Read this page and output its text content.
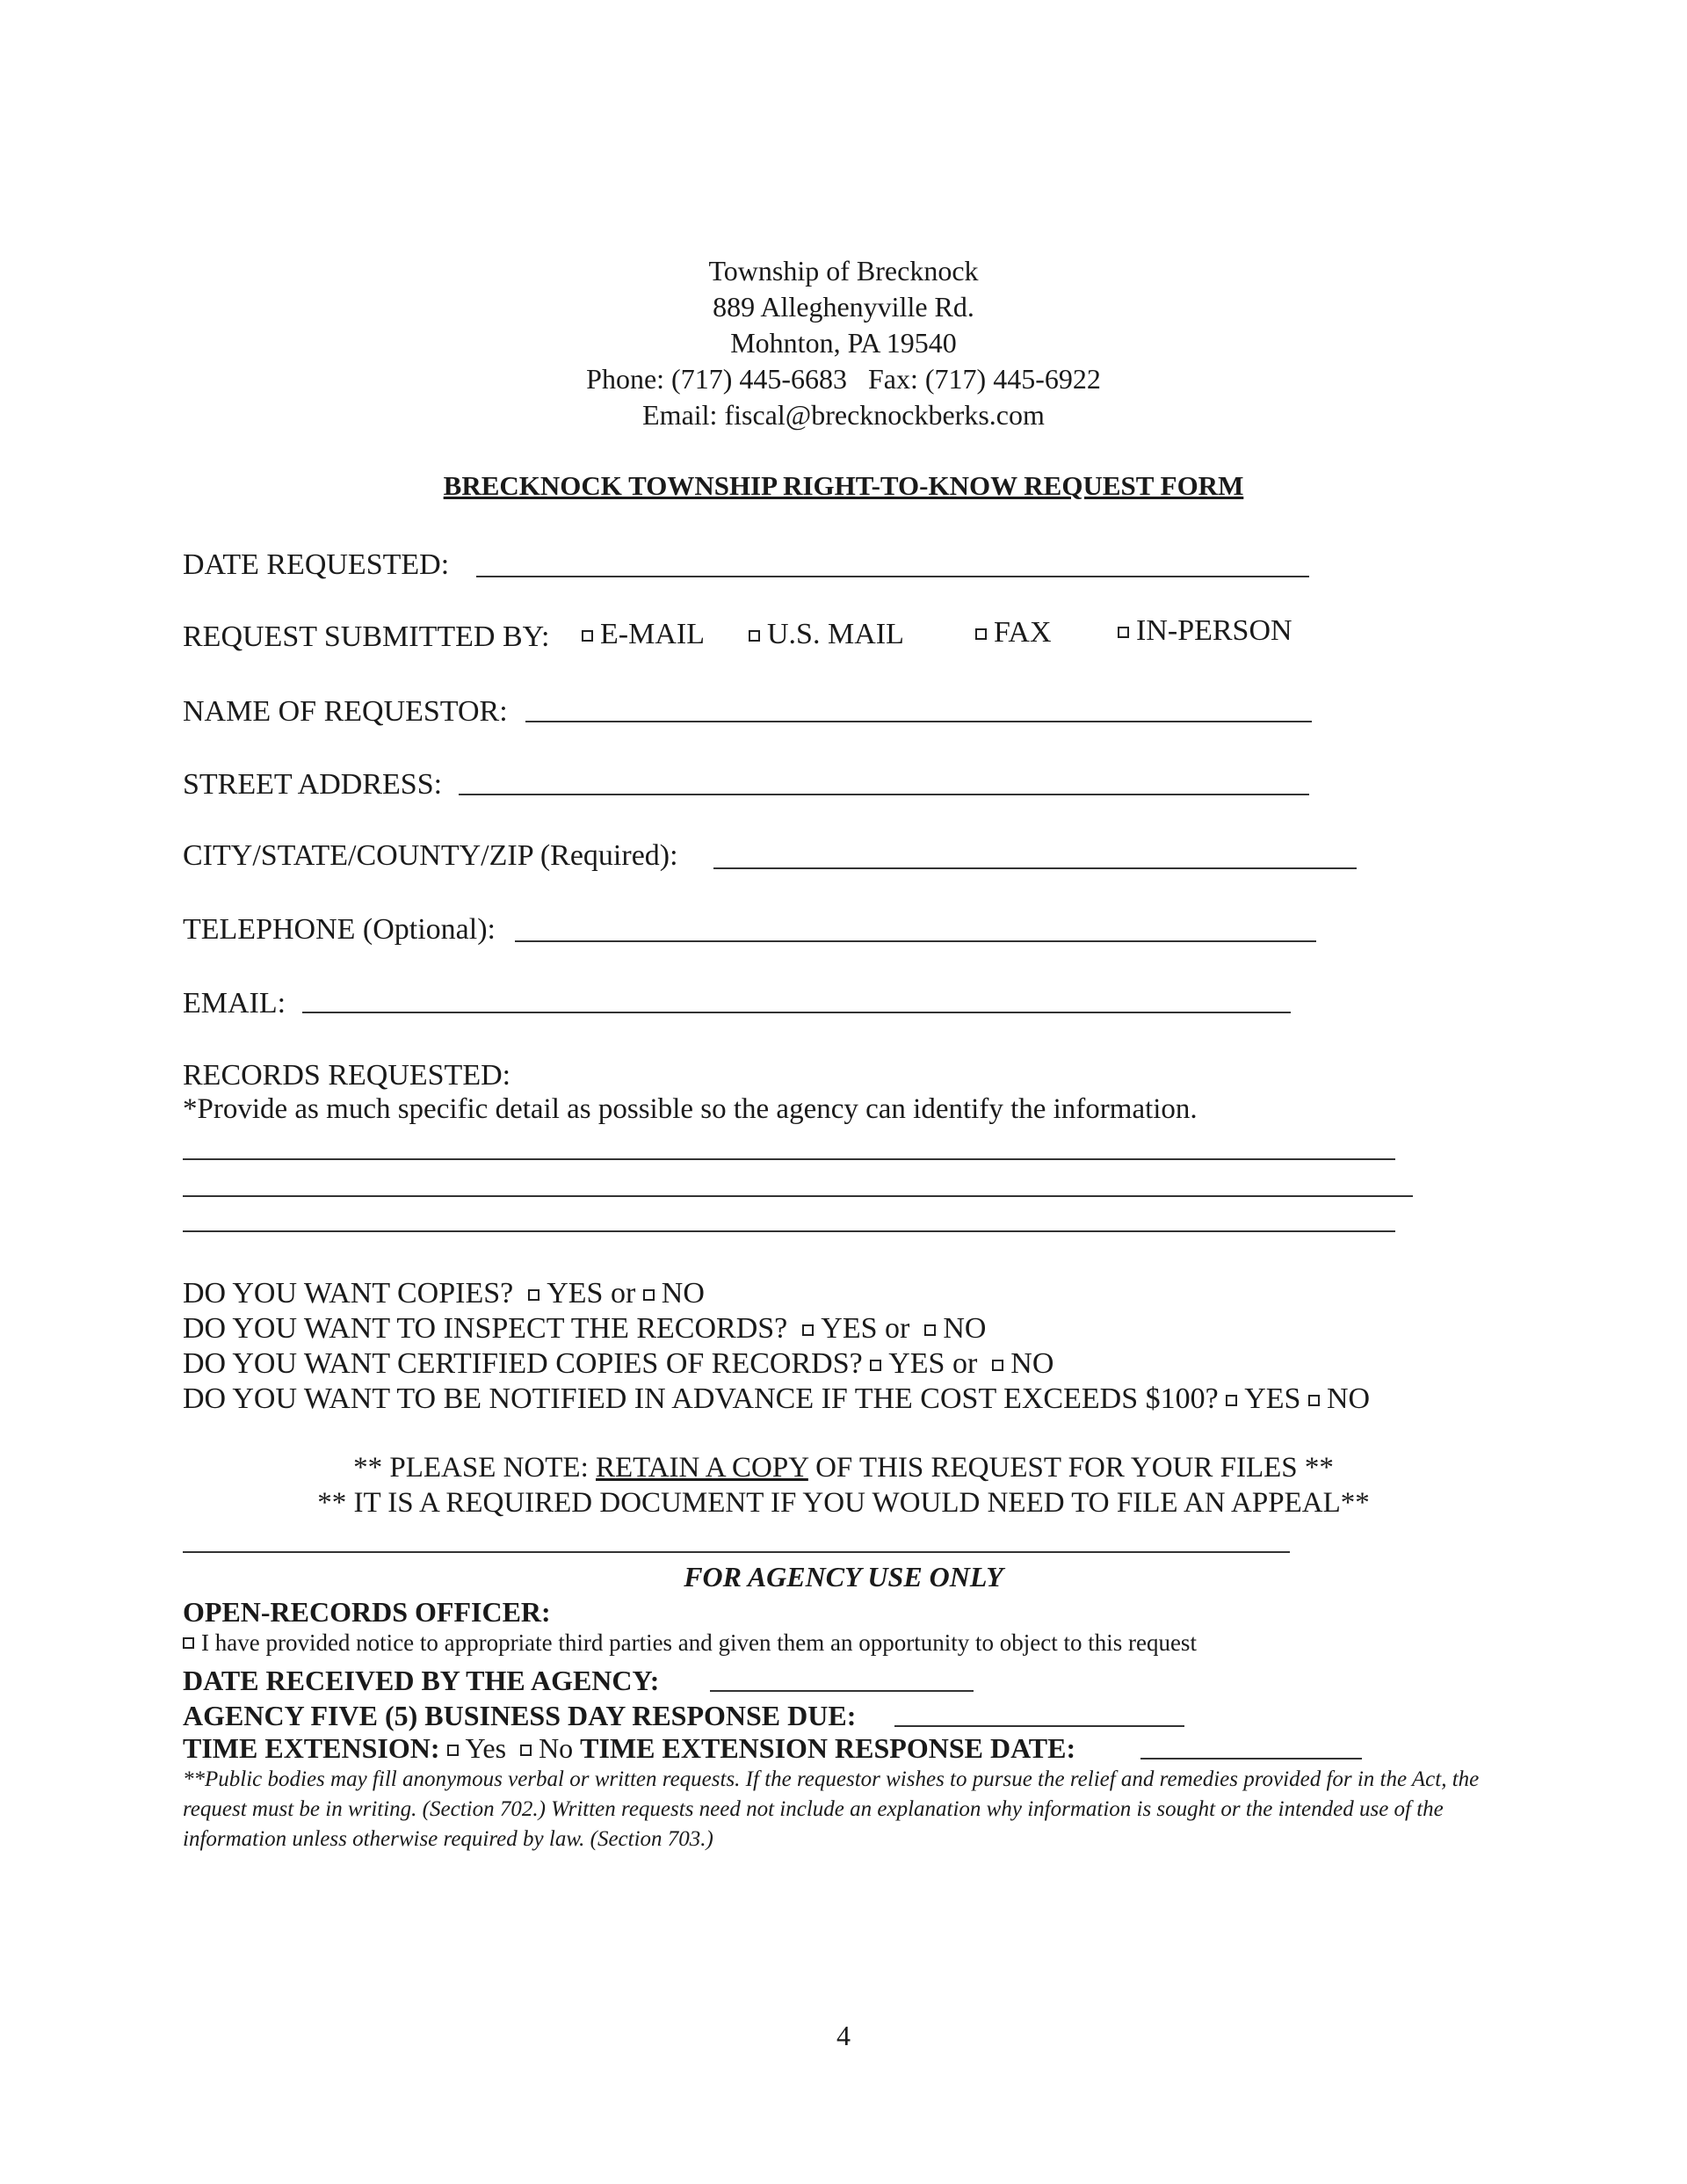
Township of Brecknock
889 Alleghenyville Rd.
Mohnton, PA 19540
Phone: (717) 445-6683   Fax: (717) 445-6922
Email: fiscal@brecknockberks.com
BRECKNOCK TOWNSHIP RIGHT-TO-KNOW REQUEST FORM
DATE REQUESTED:
REQUEST SUBMITTED BY:	E-MAIL	U.S. MAIL	FAX	IN-PERSON
NAME OF REQUESTOR:
STREET ADDRESS:
CITY/STATE/COUNTY/ZIP (Required):
TELEPHONE (Optional):
EMAIL:
RECORDS REQUESTED:
*Provide as much specific detail as possible so the agency can identify the information.
DO YOU WANT COPIES? YES or NO
DO YOU WANT TO INSPECT THE RECORDS? YES or NO
DO YOU WANT CERTIFIED COPIES OF RECORDS? YES or NO
DO YOU WANT TO BE NOTIFIED IN ADVANCE IF THE COST EXCEEDS $100? YES NO
** PLEASE NOTE: RETAIN A COPY OF THIS REQUEST FOR YOUR FILES **
** IT IS A REQUIRED DOCUMENT IF YOU WOULD NEED TO FILE AN APPEAL**
FOR AGENCY USE ONLY
OPEN-RECORDS OFFICER:
I have provided notice to appropriate third parties and given them an opportunity to object to this request
DATE RECEIVED BY THE AGENCY:
AGENCY FIVE (5) BUSINESS DAY RESPONSE DUE:
TIME EXTENSION: Yes No TIME EXTENSION RESPONSE DATE:
**Public bodies may fill anonymous verbal or written requests. If the requestor wishes to pursue the relief and remedies provided for in the Act, the request must be in writing. (Section 702.) Written requests need not include an explanation why information is sought or the intended use of the information unless otherwise required by law. (Section 703.)
4
